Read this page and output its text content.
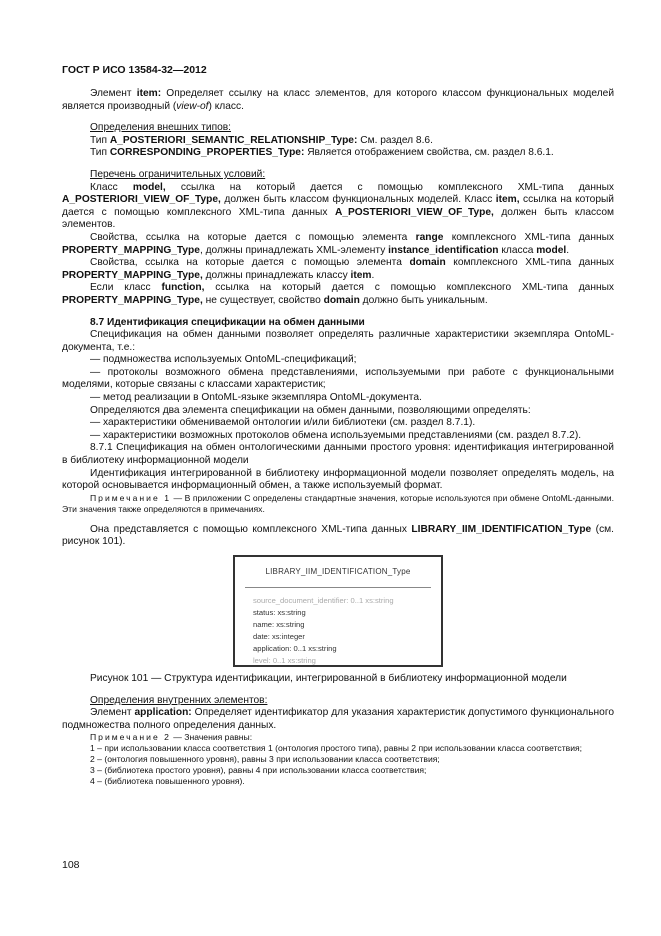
ГОСТ Р ИСО 13584-32—2012

Элемент item: Определяет ссылку на класс элементов, для которого классом функциональных моделей является производный (view-of) класс.

Определения внешних типов:

Тип A_POSTERIORI_SEMANTIC_RELATIONSHIP_Type: См. раздел 8.6.

Тип CORRESPONDING_PROPERTIES_Type: Является отображением свойства, см. раздел 8.6.1.

Перечень ограничительных условий:

Класс model, ссылка на который дается с помощью комплексного XML-типа данных A_POSTERIORI_VIEW_OF_Type, должен быть классом функциональных моделей. Класс item, ссылка на который дается с помощью комплексного XML-типа данных A_POSTERIORI_VIEW_OF_Type, должен быть классом элементов.

Свойства, ссылка на которые дается с помощью элемента range комплексного XML-типа данных PROPERTY_MAPPING_Type, должны принадлежать XML-элементу instance_identification класса model.

Свойства, ссылка на которые дается с помощью элемента domain комплексного XML-типа данных PROPERTY_MAPPING_Type, должны принадлежать классу item.

Если класс function, ссылка на который дается с помощью комплексного XML-типа данных PROPERTY_MAPPING_Type, не существует, свойство domain должно быть уникальным.

8.7 Идентификация спецификации на обмен данными

Спецификация на обмен данными позволяет определять различные характеристики экземпляра OntoML-документа, т.е.:

— подмножества используемых OntoML-спецификаций;

— протоколы возможного обмена представлениями, используемыми при работе с функциональными моделями, которые связаны с классами характеристик;

— метод реализации в OntoML-языке экземпляра OntoML-документа.

Определяются два элемента спецификации на обмен данными, позволяющими определять:

— характеристики обмениваемой онтологии и/или библиотеки (см. раздел 8.7.1).

— характеристики возможных протоколов обмена используемыми представлениями (см. раздел 8.7.2).

8.7.1 Спецификация на обмен онтологическими данными простого уровня: идентификация интегрированной в библиотеку информационной модели

Идентификация интегрированной в библиотеку информационной модели позволяет определять модель, на которой основывается информационный обмен, а также используемый формат.

Примечание 1 — В приложении С определены стандартные значения, которые используются при обмене OntoML-данными. Эти значения также определяются в примечаниях.

Она представляется с помощью комплексного XML-типа данных LIBRARY_IIM_IDENTIFICATION_Type (см. рисунок 101).

LIBRARY_IIM_IDENTIFICATION_Type
source_document_identifier: 0..1 xs:string
status: xs:string
name: xs:string
date: xs:integer
application: 0..1 xs:string
level: 0..1 xs:string

Рисунок 101 — Структура идентификации, интегрированной в библиотеку информационной модели

Определения внутренних элементов:

Элемент application: Определяет идентификатор для указания характеристик допустимого функционального подмножества полного определения данных.

Примечание 2 — Значения равны:

1 – при использовании класса соответствия 1 (онтология простого типа), равны 2 при использовании класса соответствия;

2 – (онтология повышенного уровня), равны 3 при использовании класса соответствия;

3 – (библиотека простого уровня), равны 4 при использовании класса соответствия;

4 – (библиотека повышенного уровня).

108
